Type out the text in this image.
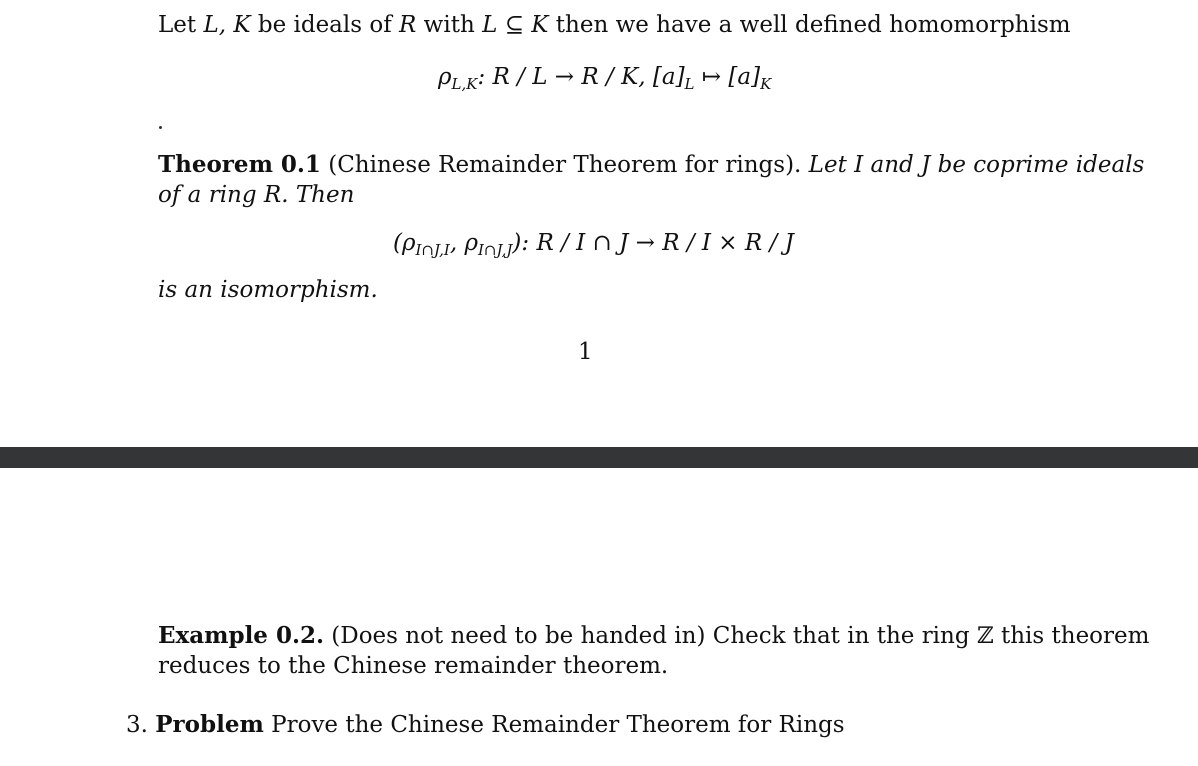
Let L, K be ideals of R with L ⊆ K then we have a well defined homomorphism
$\rho_{L,K}$: R / L → R / K, $[a]_L$ ↦ $[a]_K$
Theorem 0.1 (Chinese Remainder Theorem for rings). Let I and J be coprime ideals
of a ring R. Then
($\rho_{I\cap J,I}$, $\rho_{I\cap J,J}$): R / I ∩ J → R / I × R / J
is an isomorphism.
1
Example 0.2. (Does not need to be handed in) Check that in the ring ℤ this theorem
reduces to the Chinese remainder theorem.
3. Problem Prove the Chinese Remainder Theorem for Rings
